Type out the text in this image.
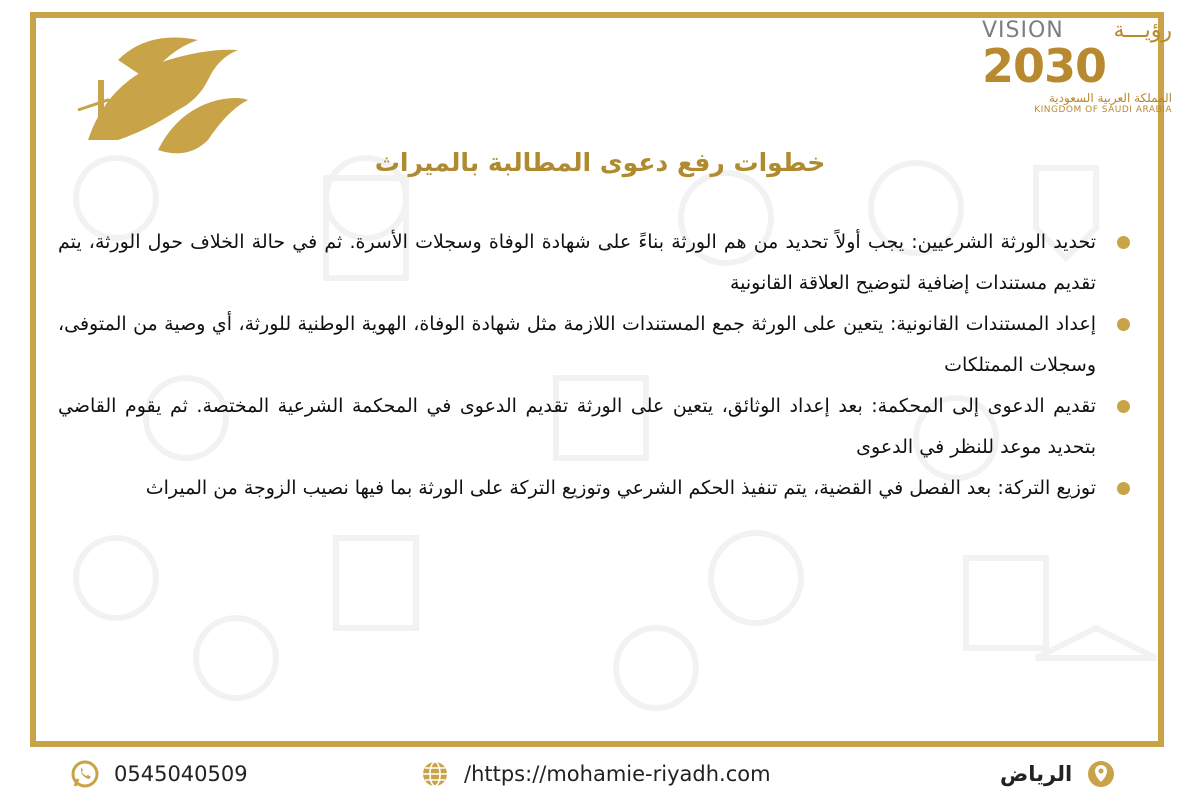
VISION رؤيـــة
2030
المملكة العربية السعودية
KINGDOM OF SAUDI ARABIA
خطوات رفع دعوى المطالبة بالميراث
تحديد الورثة الشرعيين: يجب أولاً تحديد من هم الورثة بناءً على شهادة الوفاة وسجلات الأسرة. ثم في حالة الخلاف حول الورثة، يتم تقديم مستندات إضافية لتوضيح العلاقة القانونية
إعداد المستندات القانونية: يتعين على الورثة جمع المستندات اللازمة مثل شهادة الوفاة، الهوية الوطنية للورثة، أي وصية من المتوفى، وسجلات الممتلكات
تقديم الدعوى إلى المحكمة: بعد إعداد الوثائق، يتعين على الورثة تقديم الدعوى في المحكمة الشرعية المختصة. ثم يقوم القاضي بتحديد موعد للنظر في الدعوى
توزيع التركة: بعد الفصل في القضية، يتم تنفيذ الحكم الشرعي وتوزيع التركة على الورثة بما فيها نصيب الزوجة من الميراث
0545040509	/https://mohamie-riyadh.com	الرياض
